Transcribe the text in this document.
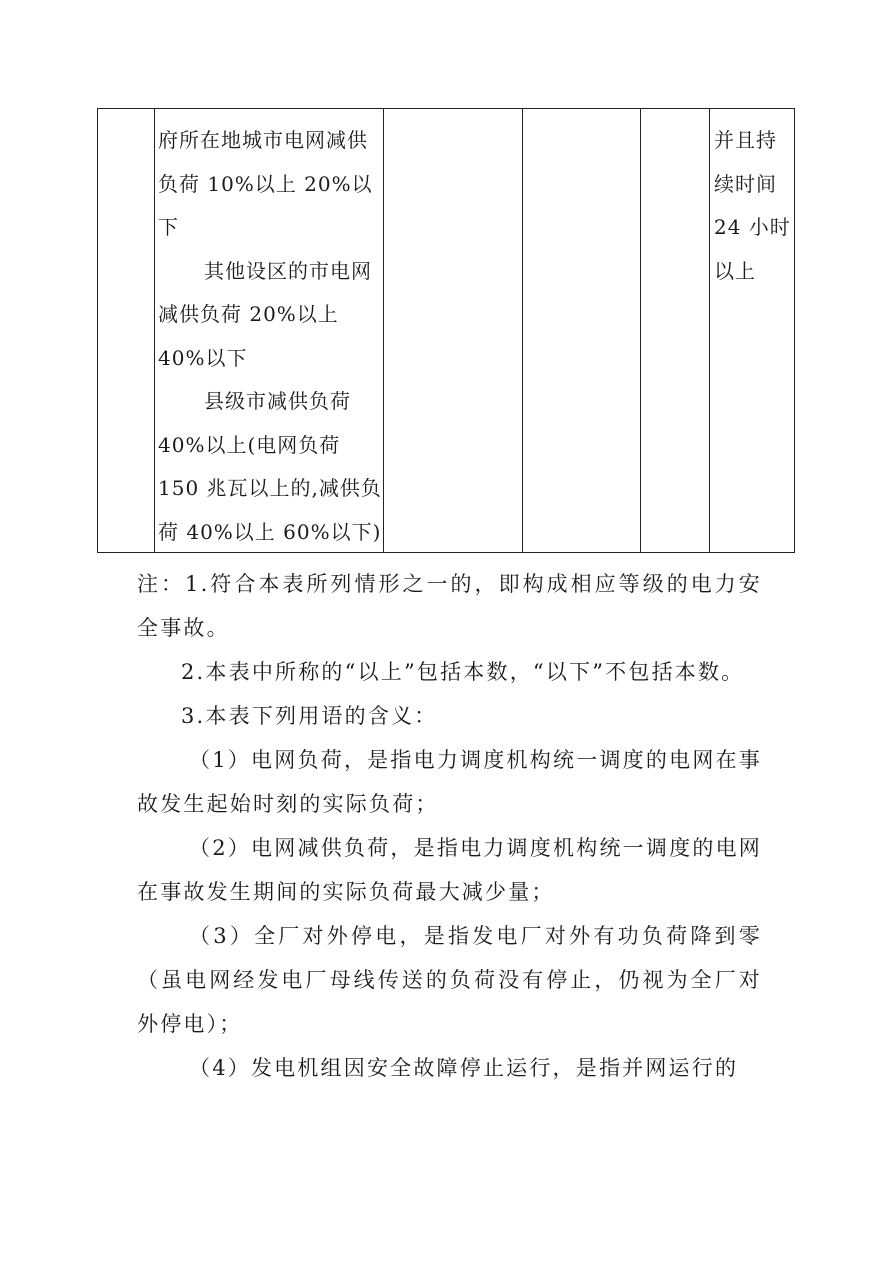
府所在地城市电网减供负荷 10%以上 20%以下

其他设区的市电网减供负荷 20%以上 40%以下

县级市减供负荷 40%以上(电网负荷 150 兆瓦以上的,减供负荷 40%以上 60%以下)

并且持续时间 24 小时以上

注：1.符合本表所列情形之一的，即构成相应等级的电力安全事故。

2.本表中所称的“以上”包括本数，“以下”不包括本数。

3.本表下列用语的含义：

（1）电网负荷，是指电力调度机构统一调度的电网在事故发生起始时刻的实际负荷；

（2）电网减供负荷，是指电力调度机构统一调度的电网在事故发生期间的实际负荷最大减少量；

（3）全厂对外停电，是指发电厂对外有功负荷降到零（虽电网经发电厂母线传送的负荷没有停止，仍视为全厂对外停电）；

（4）发电机组因安全故障停止运行，是指并网运行的
